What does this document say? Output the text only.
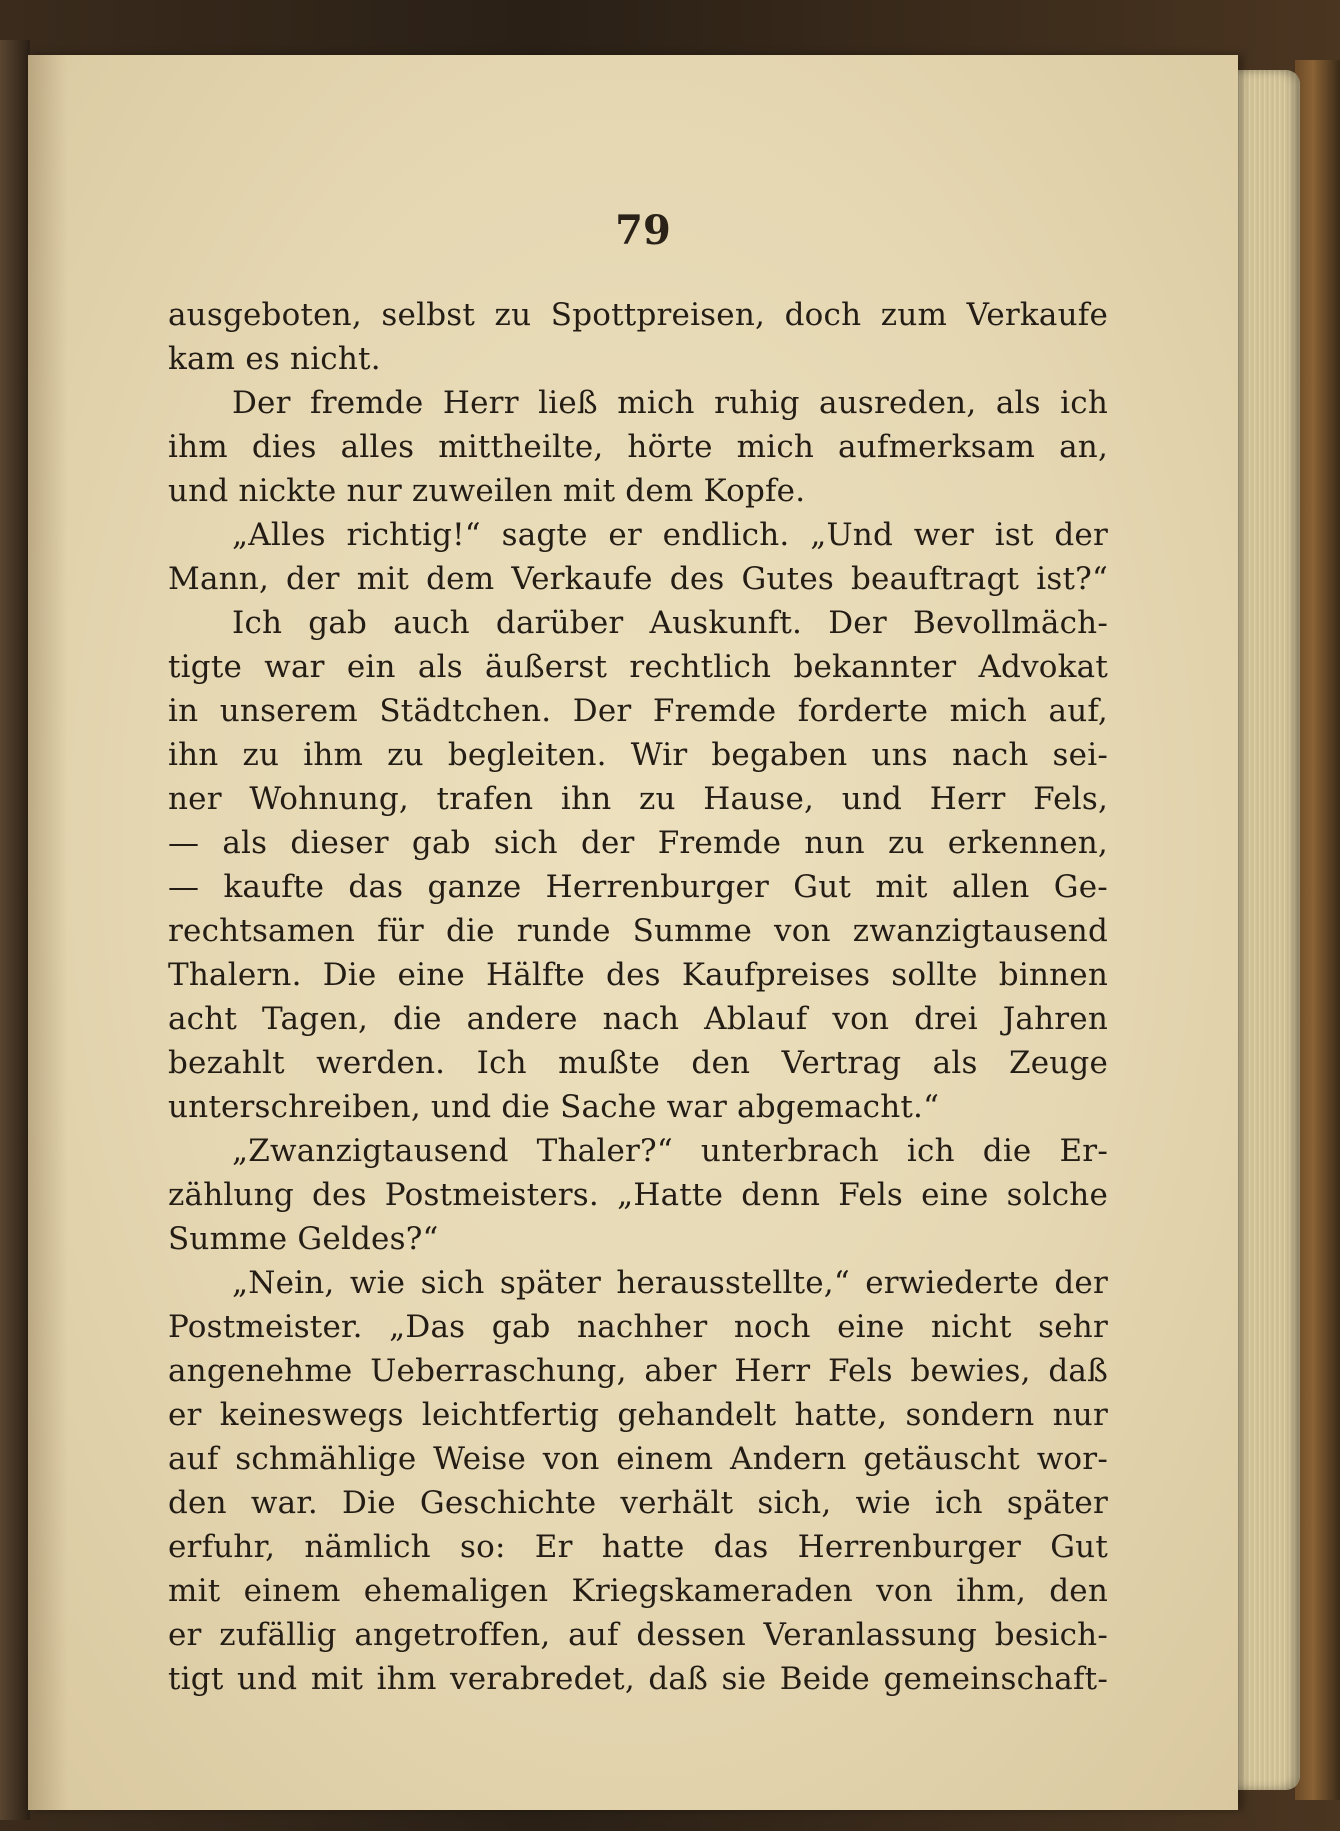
79
ausgeboten, selbst zu Spottpreisen, doch zum Verkaufe
kam es nicht.
Der fremde Herr ließ mich ruhig ausreden, als ich
ihm dies alles mittheilte, hörte mich aufmerksam an,
und nickte nur zuweilen mit dem Kopfe.
„Alles richtig!“ sagte er endlich. „Und wer ist der
Mann, der mit dem Verkaufe des Gutes beauftragt ist?“
Ich gab auch darüber Auskunft. Der Bevollmäch-
tigte war ein als äußerst rechtlich bekannter Advokat
in unserem Städtchen. Der Fremde forderte mich auf,
ihn zu ihm zu begleiten. Wir begaben uns nach sei-
ner Wohnung, trafen ihn zu Hause, und Herr Fels,
— als dieser gab sich der Fremde nun zu erkennen,
— kaufte das ganze Herrenburger Gut mit allen Ge-
rechtsamen für die runde Summe von zwanzigtausend
Thalern. Die eine Hälfte des Kaufpreises sollte binnen
acht Tagen, die andere nach Ablauf von drei Jahren
bezahlt werden. Ich mußte den Vertrag als Zeuge
unterschreiben, und die Sache war abgemacht.“
„Zwanzigtausend Thaler?“ unterbrach ich die Er-
zählung des Postmeisters. „Hatte denn Fels eine solche
Summe Geldes?“
„Nein, wie sich später herausstellte,“ erwiederte der
Postmeister. „Das gab nachher noch eine nicht sehr
angenehme Ueberraschung, aber Herr Fels bewies, daß
er keineswegs leichtfertig gehandelt hatte, sondern nur
auf schmählige Weise von einem Andern getäuscht wor-
den war. Die Geschichte verhält sich, wie ich später
erfuhr, nämlich so: Er hatte das Herrenburger Gut
mit einem ehemaligen Kriegskameraden von ihm, den
er zufällig angetroffen, auf dessen Veranlassung besich-
tigt und mit ihm verabredet, daß sie Beide gemeinschaft-
